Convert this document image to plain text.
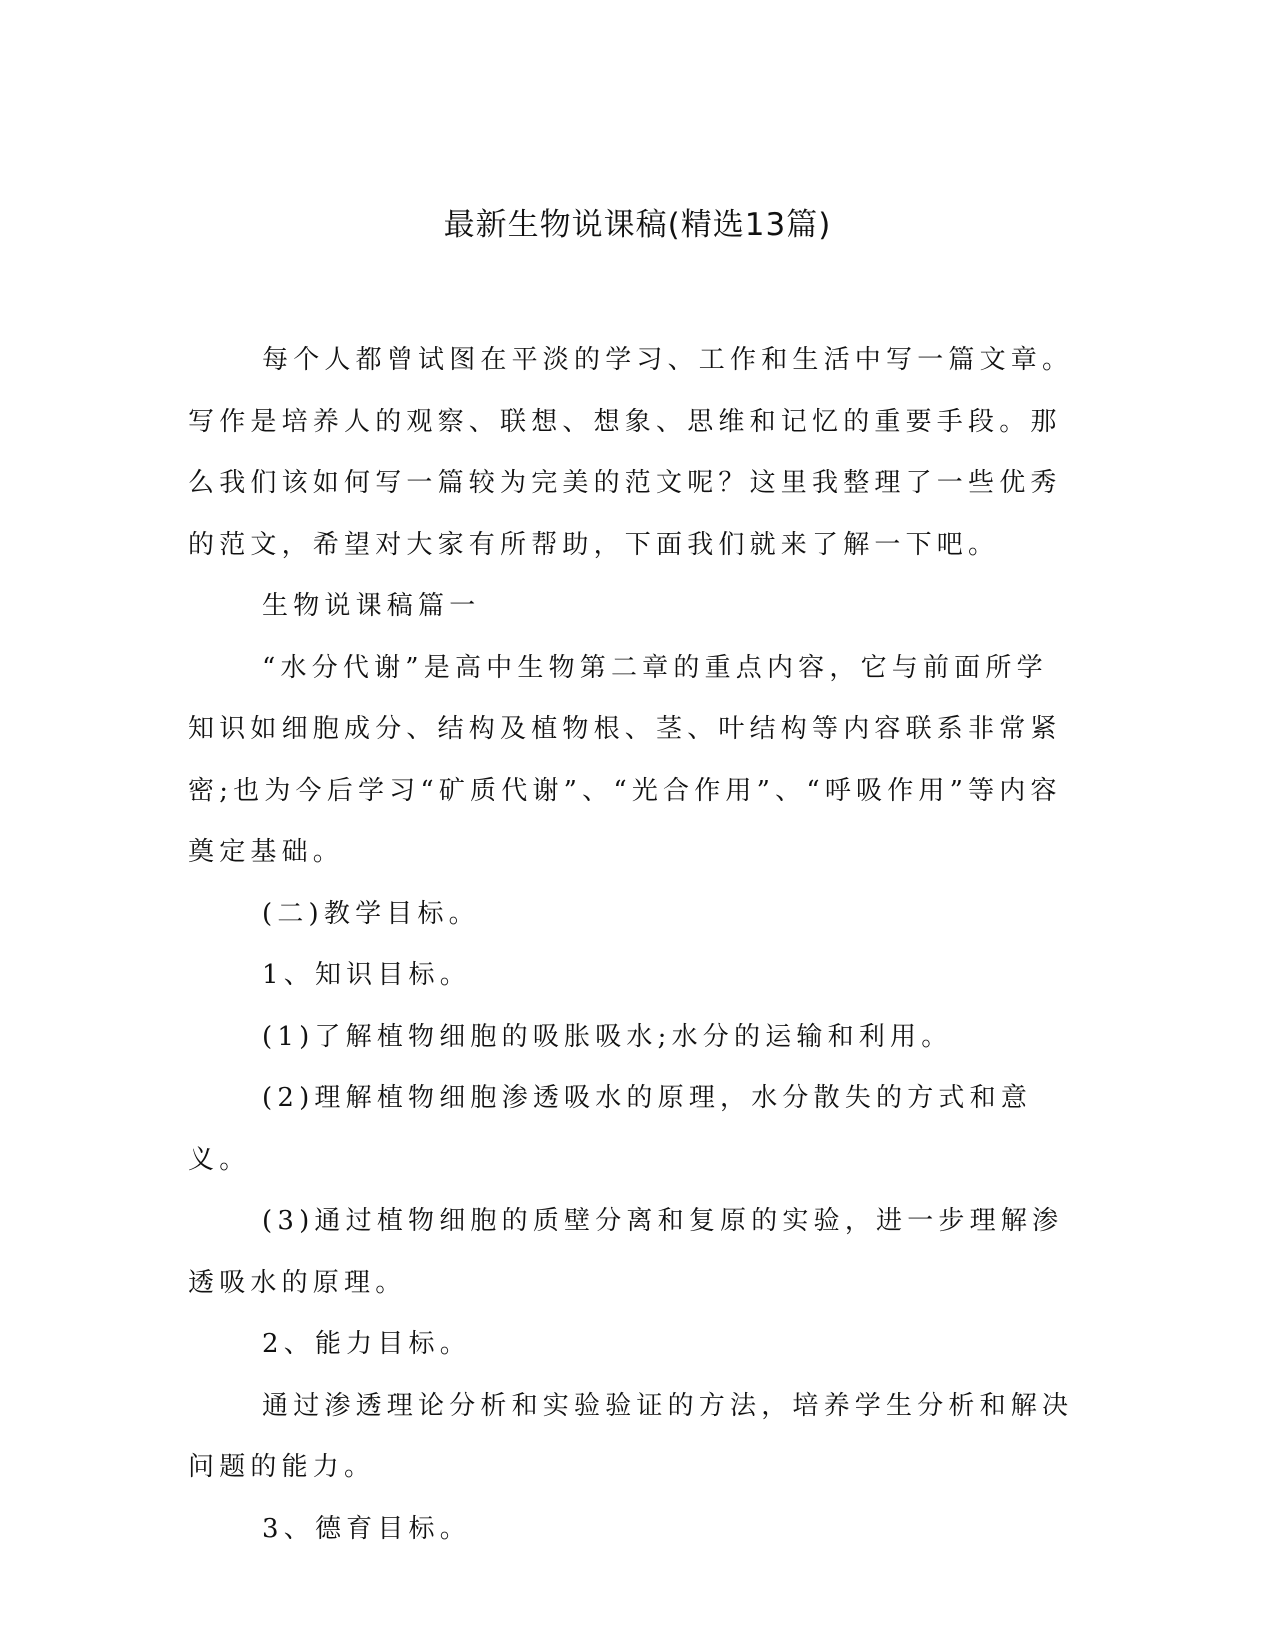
最新生物说课稿(精选13篇)

每个人都曾试图在平淡的学习、工作和生活中写一篇文章。写作是培养人的观察、联想、想象、思维和记忆的重要手段。那么我们该如何写一篇较为完美的范文呢？这里我整理了一些优秀的范文，希望对大家有所帮助，下面我们就来了解一下吧。

生物说课稿篇一

“水分代谢”是高中生物第二章的重点内容，它与前面所学知识如细胞成分、结构及植物根、茎、叶结构等内容联系非常紧密;也为今后学习“矿质代谢”、“光合作用”、“呼吸作用”等内容奠定基础。

(二)教学目标。

1、知识目标。

(1)了解植物细胞的吸胀吸水;水分的运输和利用。

(2)理解植物细胞渗透吸水的原理，水分散失的方式和意义。

(3)通过植物细胞的质壁分离和复原的实验，进一步理解渗透吸水的原理。

2、能力目标。

通过渗透理论分析和实验验证的方法，培养学生分析和解决问题的能力。

3、德育目标。
